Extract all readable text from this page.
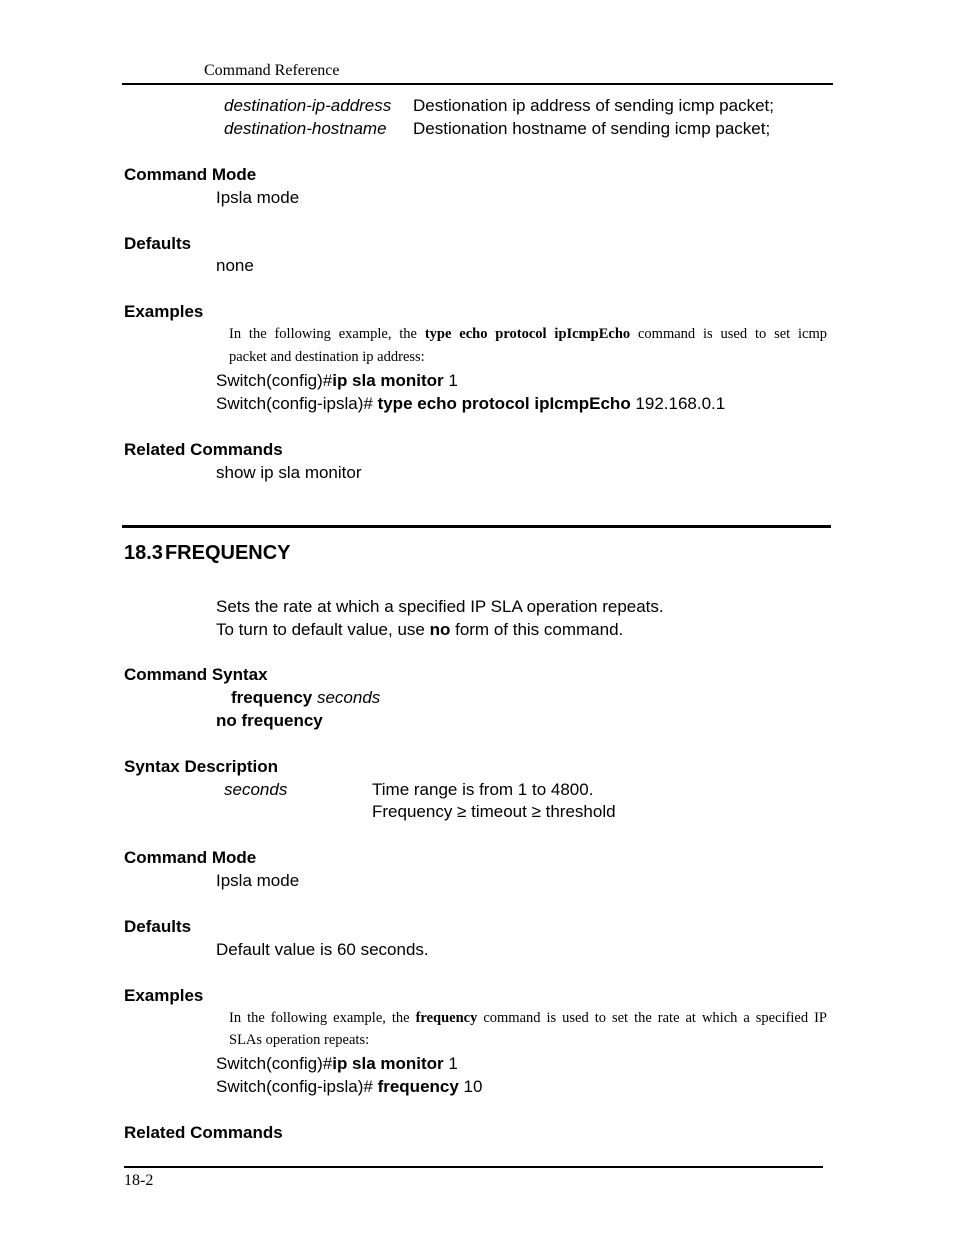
Command Reference
destination-ip-address Destionation ip address of sending icmp packet;
destination-hostname Destionation hostname of sending icmp packet;
Command Mode
Ipsla mode
Defaults
none
Examples
In the following example, the type echo protocol ipIcmpEcho command is used to set icmp
packet and destination ip address:
Switch(config)#ip sla monitor 1
Switch(config-ipsla)# type echo protocol ipIcmpEcho 192.168.0.1
Related Commands
show ip sla monitor
18.3 FREQUENCY
Sets the rate at which a specified IP SLA operation repeats.
To turn to default value, use no form of this command.
Command Syntax
frequency seconds
no frequency
Syntax Description
seconds	Time range is from 1 to 4800.
Frequency ≥ timeout ≥ threshold
Command Mode
Ipsla mode
Defaults
Default value is 60 seconds.
Examples
In the following example, the frequency command is used to set the rate at which a specified IP
SLAs operation repeats:
Switch(config)#ip sla monitor 1
Switch(config-ipsla)# frequency 10
Related Commands
18-2
